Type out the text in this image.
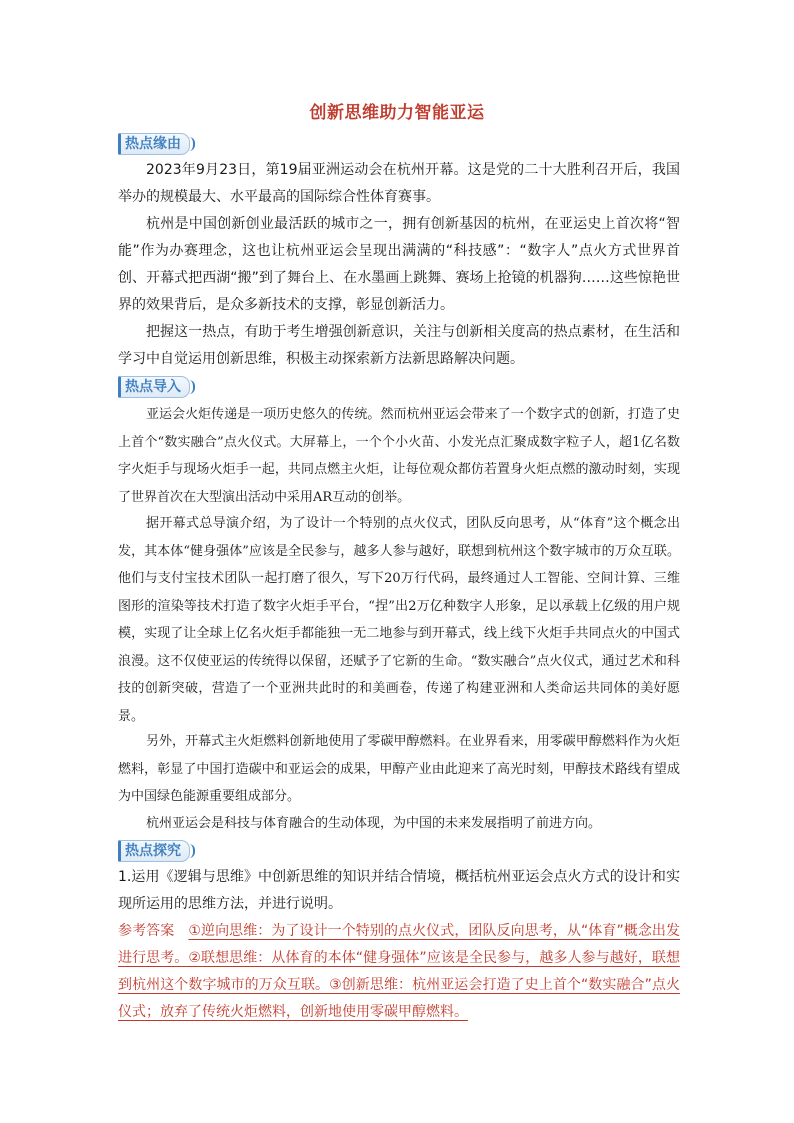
创新思维助力智能亚运
热点缘由

2023年9月23日，第19届亚洲运动会在杭州开幕。这是党的二十大胜利召开后，我国举办的规模最大、水平最高的国际综合性体育赛事。

杭州是中国创新创业最活跃的城市之一，拥有创新基因的杭州，在亚运史上首次将“智能”作为办赛理念，这也让杭州亚运会呈现出满满的“科技感”：“数字人”点火方式世界首创、开幕式把西湖“搬”到了舞台上、在水墨画上跳舞、赛场上抢镜的机器狗……这些惊艳世界的效果背后，是众多新技术的支撑，彰显创新活力。

把握这一热点，有助于考生增强创新意识，关注与创新相关度高的热点素材，在生活和学习中自觉运用创新思维，积极主动探索新方法新思路解决问题。

热点导入

亚运会火炬传递是一项历史悠久的传统。然而杭州亚运会带来了一个数字式的创新，打造了史上首个“数实融合”点火仪式。大屏幕上，一个个小火苗、小发光点汇聚成数字粒子人，超1亿名数字火炬手与现场火炬手一起，共同点燃主火炬，让每位观众都仿若置身火炬点燃的激动时刻，实现了世界首次在大型演出活动中采用AR互动的创举。

据开幕式总导演介绍，为了设计一个特别的点火仪式，团队反向思考，从“体育”这个概念出发，其本体“健身强体”应该是全民参与，越多人参与越好，联想到杭州这个数字城市的万众互联。他们与支付宝技术团队一起打磨了很久，写下20万行代码，最终通过人工智能、空间计算、三维图形的渲染等技术打造了数字火炬手平台，“捏”出2万亿种数字人形象，足以承载上亿级的用户规模，实现了让全球上亿名火炬手都能独一无二地参与到开幕式，线上线下火炬手共同点火的中国式浪漫。这不仅使亚运的传统得以保留，还赋予了它新的生命。“数实融合”点火仪式，通过艺术和科技的创新突破，营造了一个亚洲共此时的和美画卷，传递了构建亚洲和人类命运共同体的美好愿景。

另外，开幕式主火炬燃料创新地使用了零碳甲醇燃料。在业界看来，用零碳甲醇燃料作为火炬燃料，彰显了中国打造碳中和亚运会的成果，甲醇产业由此迎来了高光时刻，甲醇技术路线有望成为中国绿色能源重要组成部分。

杭州亚运会是科技与体育融合的生动体现，为中国的未来发展指明了前进方向。

热点探究

1.运用《逻辑与思维》中创新思维的知识并结合情境，概括杭州亚运会点火方式的设计和实现所运用的思维方法，并进行说明。

参考答案　 ①逆向思维：为了设计一个特别的点火仪式，团队反向思考，从“体育”概念出发进行思考。②联想思维：从体育的本体“健身强体”应该是全民参与，越多人参与越好，联想到杭州这个数字城市的万众互联。③创新思维：杭州亚运会打造了史上首个“数实融合”点火仪式；放弃了传统火炬燃料，创新地使用零碳甲醇燃料。
